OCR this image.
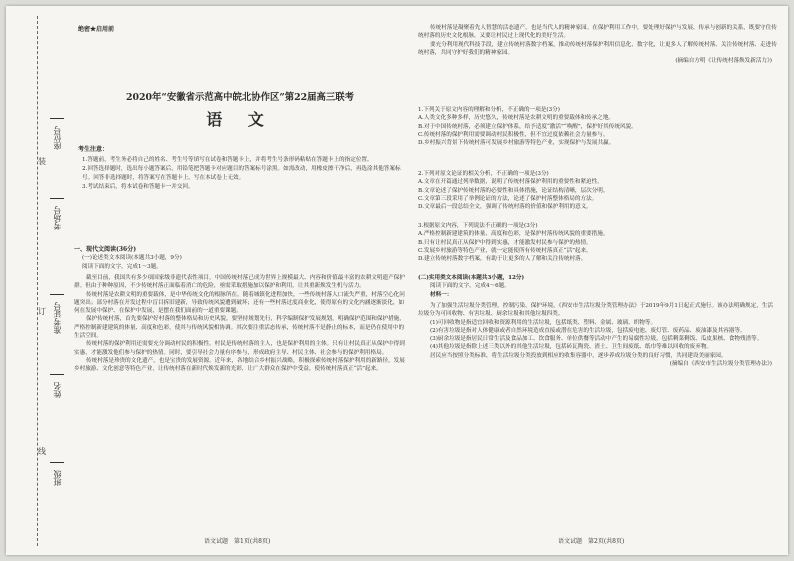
座位号
考场号
准考证号
姓名
班级
装
订
线
绝密★启用前
2020年“安徽省示范高中皖北协作区”第22届高三联考
语 文
考生注意：

1.答题前，考生务必将自己的姓名、考生号等填写在试卷和答题卡上，并将考生号条形码粘贴在答题卡上的指定位置。

2.回答选择题时，选出每小题答案后，用铅笔把答题卡对应题目的答案标号涂黑。如需改动，用橡皮擦干净后，再选涂其他答案标号。回答非选择题时，将答案写在答题卡上。写在本试卷上无效。

3.考试结束后，将本试卷和答题卡一并交回。

一、现代文阅读(36分)
(一)论述类文本阅读(本题共3小题，9分)
阅读下面的文字，完成1～3题。

截至目前，我国共有多少项国家级非遗代表性项目，中国传统村落已成为世界上规模最大、内容和价值最丰富的农耕文明遗产保护群。但由于种种原因，不少传统村落正面临着消亡的危险，亟需采取措施加以保护和利用，让其重新焕发生机与活力。

传统村落是农耕文明的重要载体，是中华传统文化的根脉所在。随着城镇化进程加快，一些传统村落人口流失严重，村落空心化问题突出；部分村落在开发过程中盲目拆旧建新，导致传统风貌遭到破坏；还有一些村落过度商业化，使得原有的文化内涵逐渐淡化，如何在发展中保护、在保护中发展，是摆在我们面前的一道重要课题。

保护传统村落，首先要保护好村落的整体格局和历史风貌。要坚持规划先行，科学编制保护发展规划，明确保护范围和保护措施，严格控制新建建筑的体量、高度和色彩，使其与传统风貌相协调。其次要注重活态传承，传统村落不是静止的标本，而是仍在使用中的生活空间。

传统村落的保护利用还需要充分调动村民的积极性。村民是传统村落的主人，也是保护利用的主体。只有让村民真正从保护中得到实惠，才能激发他们参与保护的热情。同时，要引导社会力量有序参与，形成政府主导、村民主体、社会参与的保护利用格局。

传统村落是珍贵的文化遗产，也是宝贵的发展资源。近年来，各地结合乡村振兴战略，积极探索传统村落保护利用的新路径，发展乡村旅游、文化创意等特色产业，让传统村落在新时代焕发新的光彩，让广大群众在保护中受益，使传统村落真正“活”起来。

语文试题　第1页(共8页)

传统村落是凝聚着先人智慧的活态遗产，也是当代人的精神家园。在保护利用工作中，要处理好保护与发展、传承与创新的关系，既要守住传统村落的历史文化根脉，又要让村民过上现代化的美好生活。

要充分利用现代科技手段，建立传统村落数字档案，推动传统村落保护利用信息化、数字化，让更多人了解传统村落、关注传统村落、走进传统村落，共同守护好我们的精神家园。

(摘编自方明《让传统村落焕发新活力》)

1.下列关于原文内容的理解和分析，不正确的一项是(3分)

A.人类文化多种多样，历史悠久，传统村落是农耕文明的重要载体和传承之地。

B.对于中国传统村落，必须建立保护体系，给予适度“激活”“唤醒”，保护好其传统风貌。

C.传统村落的保护利用需要调动村民积极性，但不宜过度依赖社会力量参与。

D.乡村振兴背景下传统村落可发展乡村旅游等特色产业，实现保护与发展共赢。

2.下列对原文论证的相关分析，不正确的一项是(3分)

A.文章在开篇通过列举数据，说明了传统村落保护利用的重要性和紧迫性。

B.文章论述了保护传统村落的必要性和具体措施，论证结构清晰，层次分明。

C.文章第三段采用了举例论证的方法，论述了保护村落整体格局的方法。

D.文章最后一段总结全文，强调了传统村落的价值和保护利用的意义。

3.根据原文内容，下列说法不正确的一项是(3分)

A.严格控制新建建筑的体量、高度和色彩，是保护村落传统风貌的重要措施。

B.只有让村民真正从保护中得到实惠，才能激发村民参与保护的热情。

C.发展乡村旅游等特色产业，就一定能使所有传统村落真正“活”起来。

D.建立传统村落数字档案，有助于让更多的人了解和关注传统村落。

(二)实用类文本阅读(本题共3小题，12分)

阅读下面的文字，完成4～6题。

材料一：

为了加强生活垃圾分类管理，控制污染，保护环境，《西安市生活垃圾分类管理办法》于2019年9月1日起正式施行。该办法明确规定，生活垃圾分为可回收物、有害垃圾、厨余垃圾和其他垃圾四类。

(1)可回收物是指适宜回收和资源利用的生活垃圾，包括纸类、塑料、金属、玻璃、织物等。

(2)有害垃圾是指对人体健康或者自然环境造成直接或潜在危害的生活垃圾，包括废电池、废灯管、废药品、废油漆及其容器等。

(3)厨余垃圾是指居民日常生活及食品加工、饮食服务、单位供餐等活动中产生的易腐性垃圾，包括剩菜剩饭、瓜皮果核、食物残渣等。

(4)其他垃圾是指除上述三类以外的其他生活垃圾，包括砖瓦陶瓷、渣土、卫生间废纸、纸巾等难以回收的废弃物。

居民应当按照分类标准，将生活垃圾分类投放到相应的收集容器中，逐步养成垃圾分类的良好习惯，共同建设美丽家园。

(摘编自《西安市生活垃圾分类管理办法》)

语文试题　第2页(共8页)
